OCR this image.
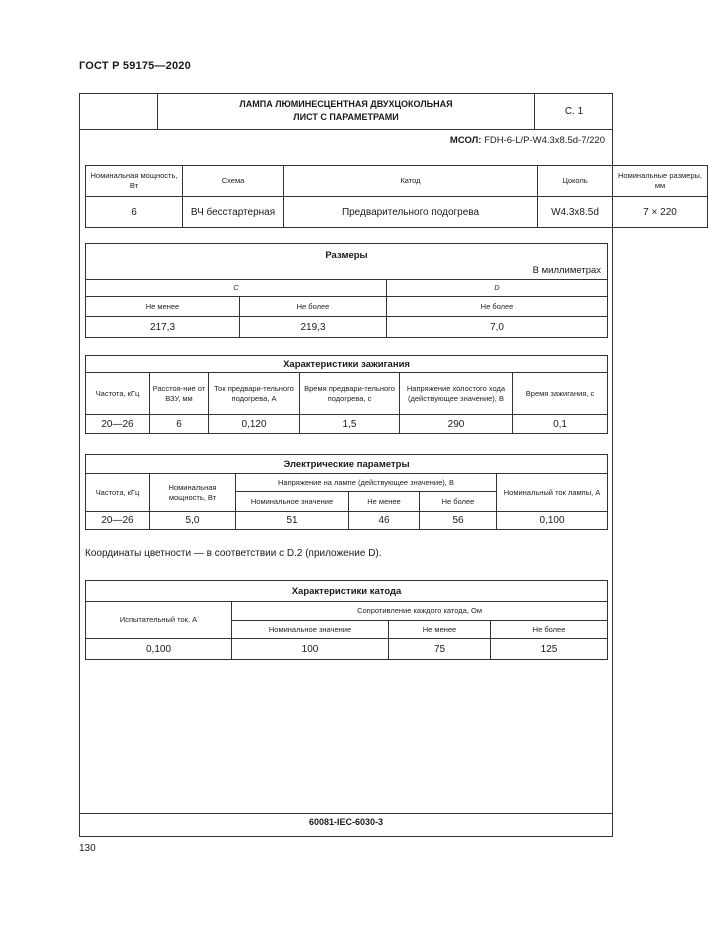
ГОСТ Р 59175—2020
ЛАМПА ЛЮМИНЕСЦЕНТНАЯ ДВУХЦОКОЛЬНАЯ
ЛИСТ С ПАРАМЕТРАМИ
С. 1
МСОЛ: FDH-6-L/P-W4.3x8.5d-7/220
Номинальная мощность, Вт	Схема	Катод	Цоколь	Номинальные размеры, мм
6	ВЧ бесстартерная	Предварительного подогрева	W4.3x8.5d	7 × 220
Размеры
В миллиметрах		

C		D
Не менее	Не более	Не более
217,3	219,3	7,0
Характеристики зажигания					
Частота, кГц	Расстоя-ние от ВЗУ, мм	Ток предвари-тельного подогрева, А	Время предвари-тельного подогрева, с	Напряжение холостого хода (действующее значение), В	Время зажигания, с
20—26	6	0,120	1,5	290	0,1
Электрические параметры					
Частота, кГц	Номинальная мощность, Вт	Напряжение на лампе (действующее значение), В			Номинальный ток лампы, А
		Номинальное значение	Не менее	Не более	
20—26	5,0	51	46	56	0,100
Координаты цветности — в соответствии с D.2 (приложение D).
Характеристики катода			
Испытательный ток, А	Сопротивление каждого катода, Ом		
	Номинальное значение	Не менее	Не более
0,100	100	75	125
60081-IEC-6030-3
130
